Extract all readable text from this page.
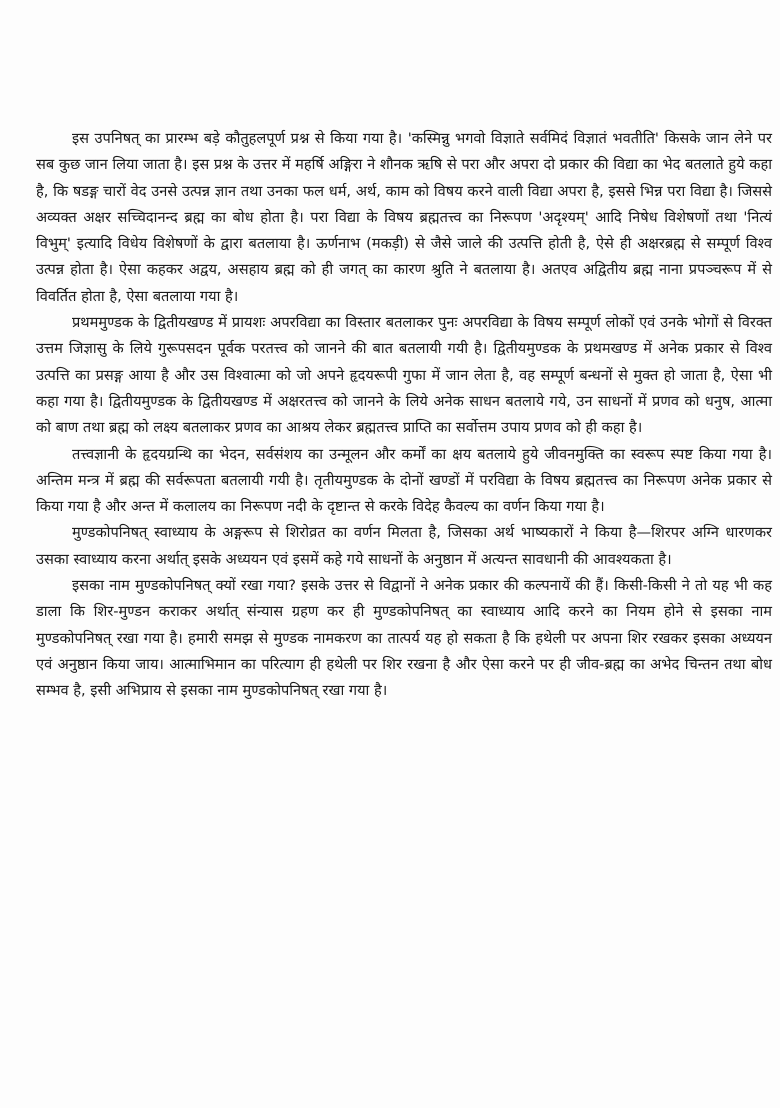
इस उपनिषत् का प्रारम्भ बड़े कौतुहलपूर्ण प्रश्न से किया गया है। 'कस्मिन्नु भगवो विज्ञाते सर्वमिदं विज्ञातं भवतीति' किसके जान लेने पर सब कुछ जान लिया जाता है। इस प्रश्न के उत्तर में महर्षि अङ्गिरा ने शौनक ऋषि से परा और अपरा दो प्रकार की विद्या का भेद बतलाते हुये कहा है, कि षडङ्ग चारों वेद उनसे उत्पन्न ज्ञान तथा उनका फल धर्म, अर्थ, काम को विषय करने वाली विद्या अपरा है, इससे भिन्न परा विद्या है। जिससे अव्यक्त अक्षर सच्चिदानन्द ब्रह्म का बोध होता है। परा विद्या के विषय ब्रह्मतत्त्व का निरूपण 'अदृश्यम्' आदि निषेध विशेषणों तथा 'नित्यं विभुम्' इत्यादि विधेय विशेषणों के द्वारा बतलाया है। ऊर्णनाभ (मकड़ी) से जैसे जाले की उत्पत्ति होती है, ऐसे ही अक्षरब्रह्म से सम्पूर्ण विश्व उत्पन्न होता है। ऐसा कहकर अद्वय, असहाय ब्रह्म को ही जगत् का कारण श्रुति ने बतलाया है। अतएव अद्वितीय ब्रह्म नाना प्रपञ्चरूप में से विवर्तित होता है, ऐसा बतलाया गया है।

प्रथममुण्डक के द्वितीयखण्ड में प्रायशः अपरविद्या का विस्तार बतलाकर पुनः अपरविद्या के विषय सम्पूर्ण लोकों एवं उनके भोगों से विरक्त उत्तम जिज्ञासु के लिये गुरूपसदन पूर्वक परतत्त्व को जानने की बात बतलायी गयी है। द्वितीयमुण्डक के प्रथमखण्ड में अनेक प्रकार से विश्व उत्पत्ति का प्रसङ्ग आया है और उस विश्वात्मा को जो अपने हृदयरूपी गुफा में जान लेता है, वह सम्पूर्ण बन्धनों से मुक्त हो जाता है, ऐसा भी कहा गया है। द्वितीयमुण्डक के द्वितीयखण्ड में अक्षरतत्त्व को जानने के लिये अनेक साधन बतलाये गये, उन साधनों में प्रणव को धनुष, आत्मा को बाण तथा ब्रह्म को लक्ष्य बतलाकर प्रणव का आश्रय लेकर ब्रह्मतत्त्व प्राप्ति का सर्वोत्तम उपाय प्रणव को ही कहा है।

तत्त्वज्ञानी के हृदयग्रन्थि का भेदन, सर्वसंशय का उन्मूलन और कर्मों का क्षय बतलाये हुये जीवनमुक्ति का स्वरूप स्पष्ट किया गया है। अन्तिम मन्त्र में ब्रह्म की सर्वरूपता बतलायी गयी है। तृतीयमुण्डक के दोनों खण्डों में परविद्या के विषय ब्रह्मतत्त्व का निरूपण अनेक प्रकार से किया गया है और अन्त में कलालय का निरूपण नदी के दृष्टान्त से करके विदेह कैवल्य का वर्णन किया गया है।

मुण्डकोपनिषत् स्वाध्याय के अङ्गरूप से शिरोव्रत का वर्णन मिलता है, जिसका अर्थ भाष्यकारों ने किया है—शिरपर अग्नि धारणकर उसका स्वाध्याय करना अर्थात् इसके अध्ययन एवं इसमें कहे गये साधनों के अनुष्ठान में अत्यन्त सावधानी की आवश्यकता है।

इसका नाम मुण्डकोपनिषत् क्यों रखा गया? इसके उत्तर से विद्वानों ने अनेक प्रकार की कल्पनायें की हैं। किसी-किसी ने तो यह भी कह डाला कि शिर-मुण्डन कराकर अर्थात् संन्यास ग्रहण कर ही मुण्डकोपनिषत् का स्वाध्याय आदि करने का नियम होने से इसका नाम मुण्डकोपनिषत् रखा गया है। हमारी समझ से मुण्डक नामकरण का तात्पर्य यह हो सकता है कि हथेली पर अपना शिर रखकर इसका अध्ययन एवं अनुष्ठान किया जाय। आत्माभिमान का परित्याग ही हथेली पर शिर रखना है और ऐसा करने पर ही जीव-ब्रह्म का अभेद चिन्तन तथा बोध सम्भव है, इसी अभिप्राय से इसका नाम मुण्डकोपनिषत् रखा गया है।
